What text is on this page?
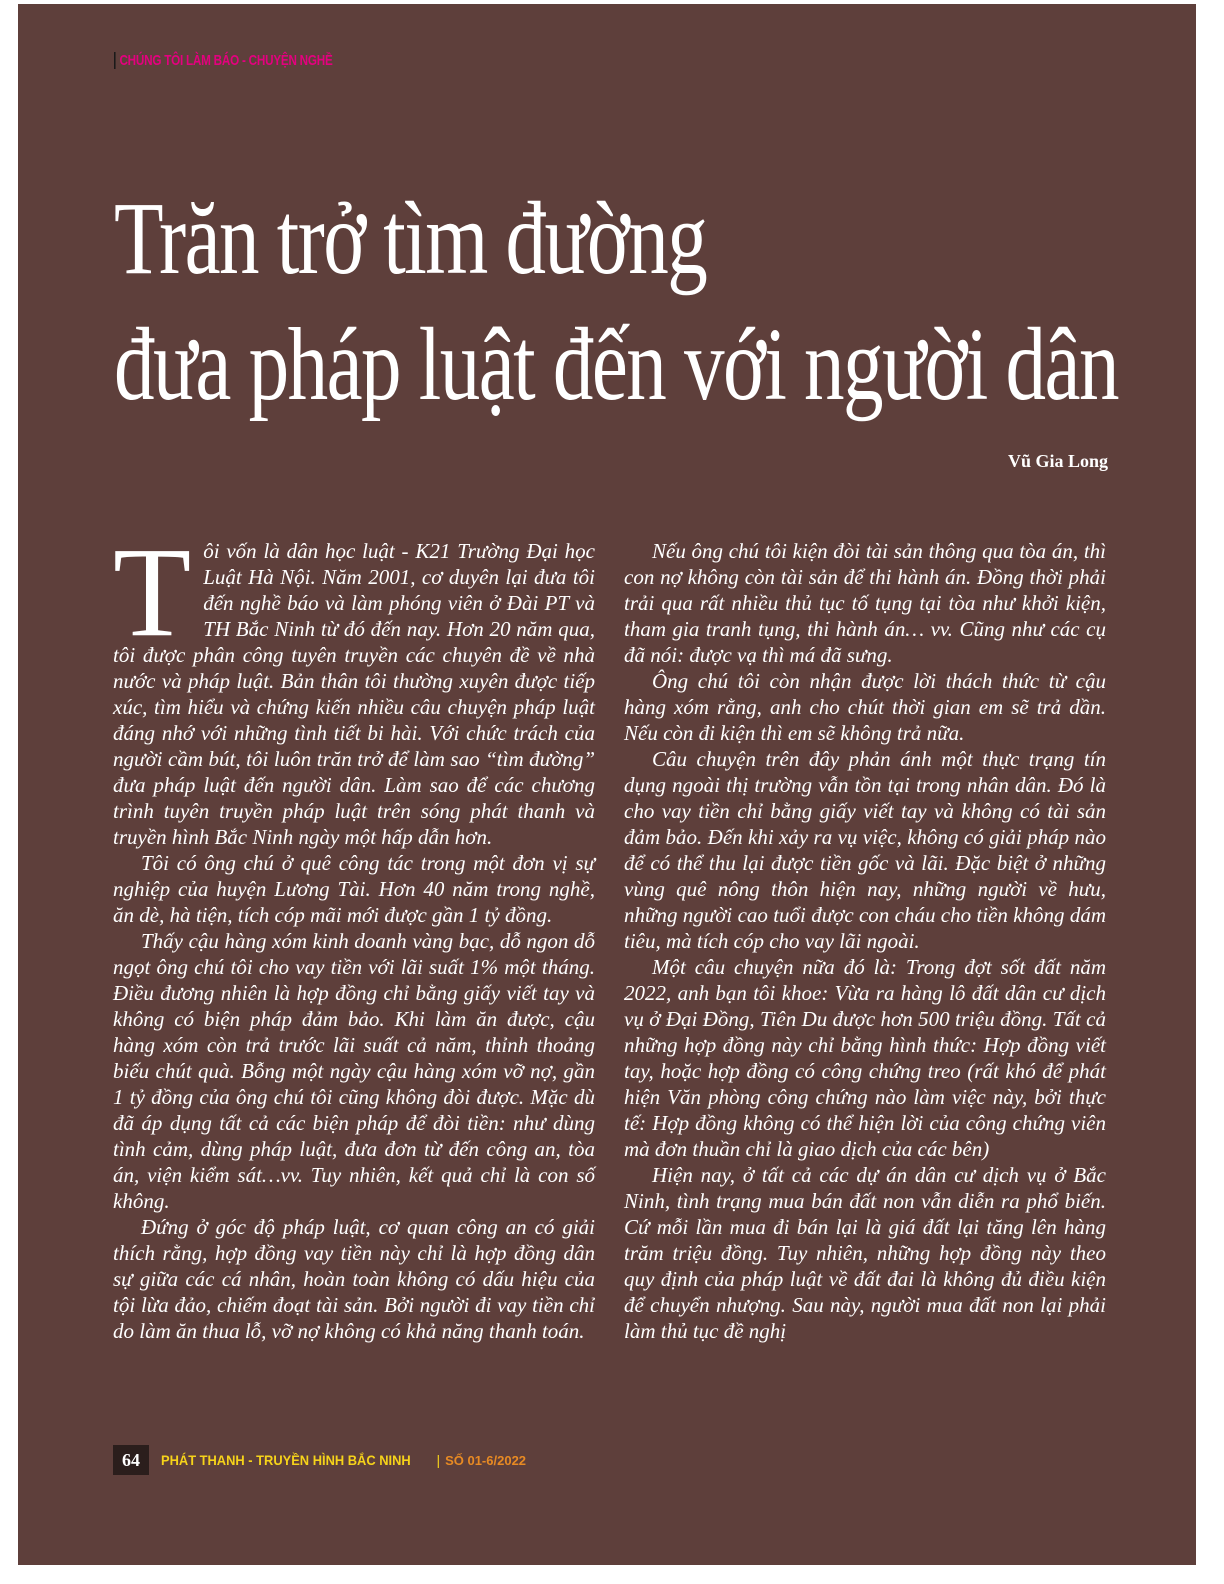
CHÚNG TÔI LÀM BÁO - CHUYỆN NGHỀ
Trăn trở tìm đường
đưa pháp luật đến với người dân
Vũ Gia Long

Tôi vốn là dân học luật - K21 Trường Đại học Luật Hà Nội. Năm 2001, cơ duyên lại đưa tôi đến nghề báo và làm phóng viên ở Đài PT và TH Bắc Ninh từ đó đến nay. Hơn 20 năm qua, tôi được phân công tuyên truyền các chuyên đề về nhà nước và pháp luật. Bản thân tôi thường xuyên được tiếp xúc, tìm hiểu và chứng kiến nhiều câu chuyện pháp luật đáng nhớ với những tình tiết bi hài. Với chức trách của người cầm bút, tôi luôn trăn trở để làm sao “tìm đường” đưa pháp luật đến người dân. Làm sao để các chương trình tuyên truyền pháp luật trên sóng phát thanh và truyền hình Bắc Ninh ngày một hấp dẫn hơn.

Tôi có ông chú ở quê công tác trong một đơn vị sự nghiệp của huyện Lương Tài. Hơn 40 năm trong nghề, ăn dè, hà tiện, tích cóp mãi mới được gần 1 tỷ đồng.

Thấy cậu hàng xóm kinh doanh vàng bạc, dỗ ngon dỗ ngọt ông chú tôi cho vay tiền với lãi suất 1% một tháng. Điều đương nhiên là hợp đồng chỉ bằng giấy viết tay và không có biện pháp đảm bảo. Khi làm ăn được, cậu hàng xóm còn trả trước lãi suất cả năm, thỉnh thoảng biếu chút quà. Bỗng một ngày cậu hàng xóm vỡ nợ, gần 1 tỷ đồng của ông chú tôi cũng không đòi được. Mặc dù đã áp dụng tất cả các biện pháp để đòi tiền: như dùng tình cảm, dùng pháp luật, đưa đơn từ đến công an, tòa án, viện kiểm sát…vv. Tuy nhiên, kết quả chỉ là con số không.

Đứng ở góc độ pháp luật, cơ quan công an có giải thích rằng, hợp đồng vay tiền này chỉ là hợp đồng dân sự giữa các cá nhân, hoàn toàn không có dấu hiệu của tội lừa đảo, chiếm đoạt tài sản. Bởi người đi vay tiền chỉ do làm ăn thua lỗ, vỡ nợ không có khả năng thanh toán.

Nếu ông chú tôi kiện đòi tài sản thông qua tòa án, thì con nợ không còn tài sản để thi hành án. Đồng thời phải trải qua rất nhiều thủ tục tố tụng tại tòa như khởi kiện, tham gia tranh tụng, thi hành án… vv. Cũng như các cụ đã nói: được vạ thì má đã sưng.

Ông chú tôi còn nhận được lời thách thức từ cậu hàng xóm rằng, anh cho chút thời gian em sẽ trả dần. Nếu còn đi kiện thì em sẽ không trả nữa.

Câu chuyện trên đây phản ánh một thực trạng tín dụng ngoài thị trường vẫn tồn tại trong nhân dân. Đó là cho vay tiền chỉ bằng giấy viết tay và không có tài sản đảm bảo. Đến khi xảy ra vụ việc, không có giải pháp nào để có thể thu lại được tiền gốc và lãi. Đặc biệt ở những vùng quê nông thôn hiện nay, những người về hưu, những người cao tuổi được con cháu cho tiền không dám tiêu, mà tích cóp cho vay lãi ngoài.

Một câu chuyện nữa đó là: Trong đợt sốt đất năm 2022, anh bạn tôi khoe: Vừa ra hàng lô đất dân cư dịch vụ ở Đại Đồng, Tiên Du được hơn 500 triệu đồng. Tất cả những hợp đồng này chỉ bằng hình thức: Hợp đồng viết tay, hoặc hợp đồng có công chứng treo (rất khó để phát hiện Văn phòng công chứng nào làm việc này, bởi thực tế: Hợp đồng không có thể hiện lời của công chứng viên mà đơn thuần chỉ là giao dịch của các bên)

Hiện nay, ở tất cả các dự án dân cư dịch vụ ở Bắc Ninh, tình trạng mua bán đất non vẫn diễn ra phổ biến. Cứ mỗi lần mua đi bán lại là giá đất lại tăng lên hàng trăm triệu đồng. Tuy nhiên, những hợp đồng này theo quy định của pháp luật về đất đai là không đủ điều kiện để chuyển nhượng. Sau này, người mua đất non lại phải làm thủ tục đề nghị

64	PHÁT THANH - TRUYỀN HÌNH BẮC NINH | SỐ 01-6/2022
